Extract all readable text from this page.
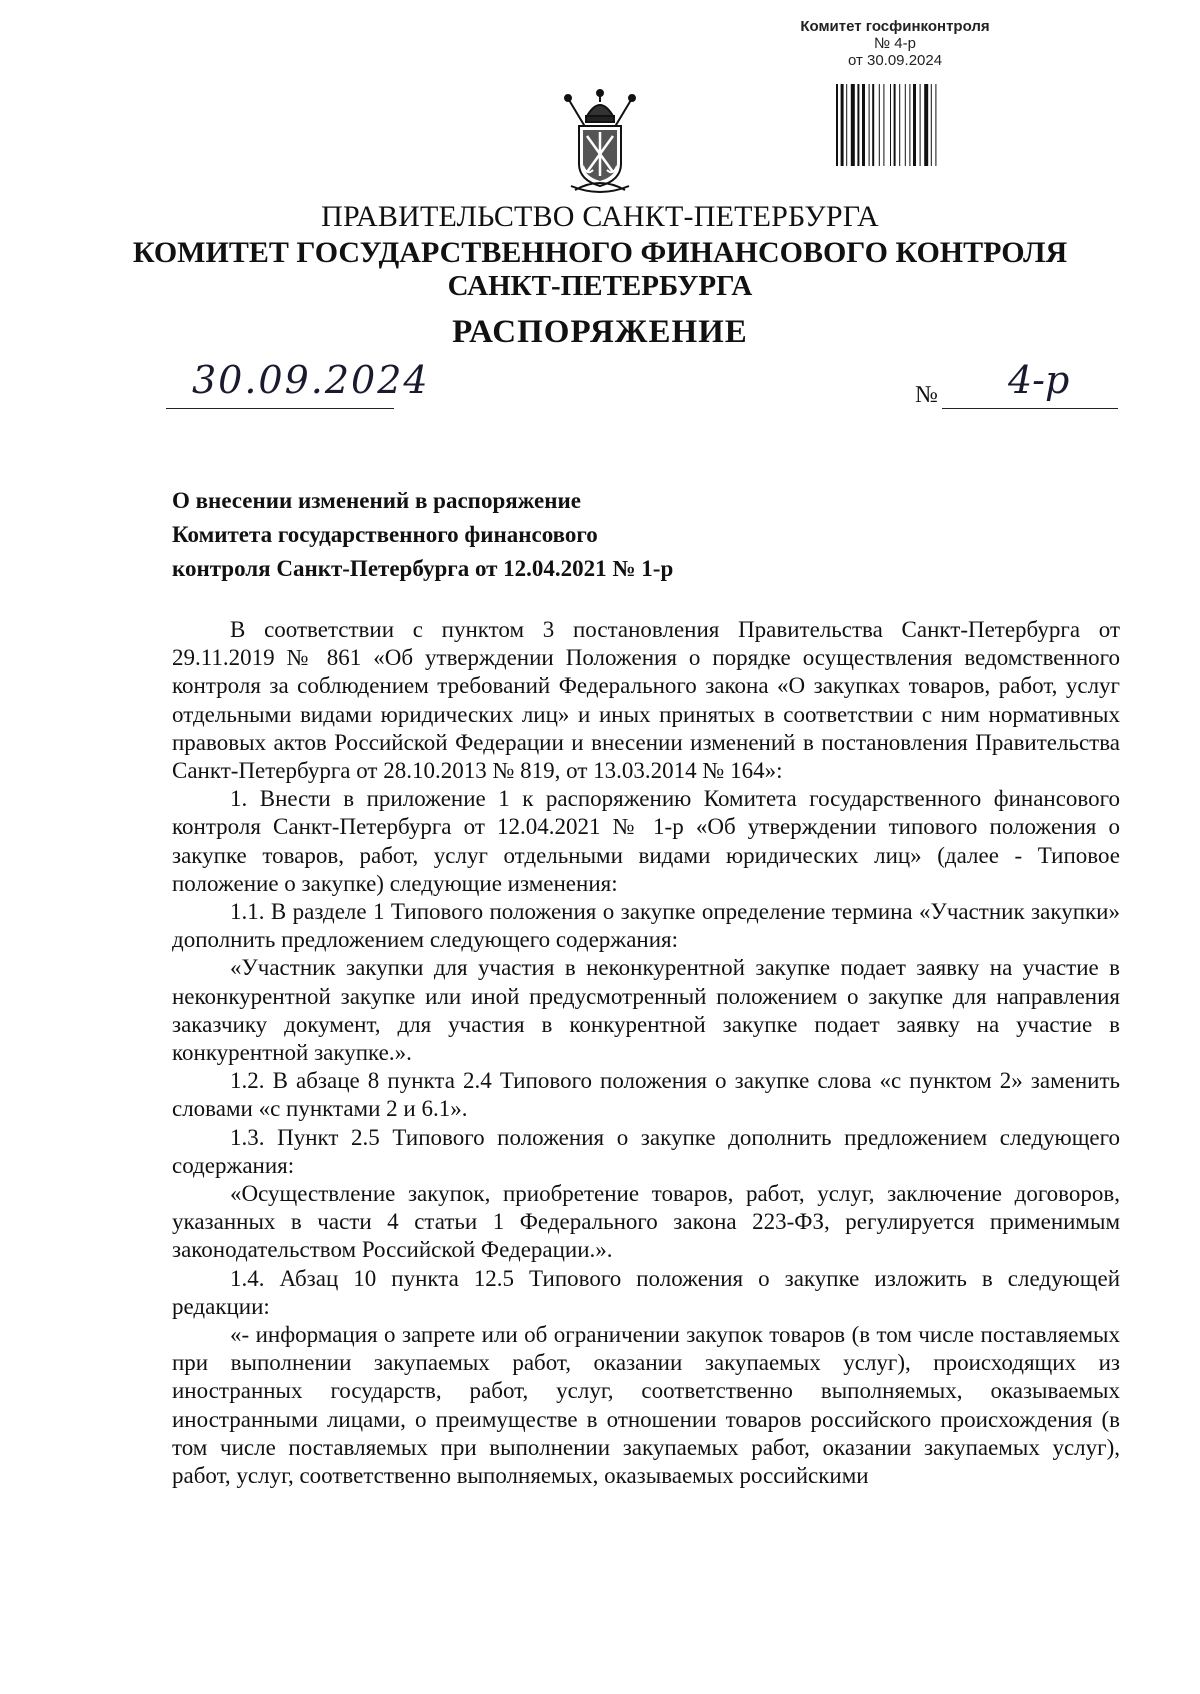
Комитет госфинконтроля
№ 4-р
от 30.09.2024
ПРАВИТЕЛЬСТВО САНКТ-ПЕТЕРБУРГА
КОМИТЕТ ГОСУДАРСТВЕННОГО ФИНАНСОВОГО КОНТРОЛЯ
САНКТ-ПЕТЕРБУРГА
РАСПОРЯЖЕНИЕ
30.09.2024	№ 4-р
О внесении изменений в распоряжение
Комитета государственного финансового
контроля Санкт-Петербурга от 12.04.2021 № 1-р

В соответствии с пунктом 3 постановления Правительства Санкт-Петербурга от 29.11.2019 № 861 «Об утверждении Положения о порядке осуществления ведомственного контроля за соблюдением требований Федерального закона «О закупках товаров, работ, услуг отдельными видами юридических лиц» и иных принятых в соответствии с ним нормативных правовых актов Российской Федерации и внесении изменений в постановления Правительства Санкт-Петербурга от 28.10.2013 № 819, от 13.03.2014 № 164»:

1. Внести в приложение 1 к распоряжению Комитета государственного финансового контроля Санкт-Петербурга от 12.04.2021 № 1-р «Об утверждении типового положения о закупке товаров, работ, услуг отдельными видами юридических лиц» (далее - Типовое положение о закупке) следующие изменения:

1.1. В разделе 1 Типового положения о закупке определение термина «Участник закупки» дополнить предложением следующего содержания:

«Участник закупки для участия в неконкурентной закупке подает заявку на участие в неконкурентной закупке или иной предусмотренный положением о закупке для направления заказчику документ, для участия в конкурентной закупке подает заявку на участие в конкурентной закупке.».

1.2. В абзаце 8 пункта 2.4 Типового положения о закупке слова «с пунктом 2» заменить словами «с пунктами 2 и 6.1».

1.3. Пункт 2.5 Типового положения о закупке дополнить предложением следующего содержания:

«Осуществление закупок, приобретение товаров, работ, услуг, заключение договоров, указанных в части 4 статьи 1 Федерального закона 223-ФЗ, регулируется применимым законодательством Российской Федерации.».

1.4. Абзац 10 пункта 12.5 Типового положения о закупке изложить в следующей редакции:

«- информация о запрете или об ограничении закупок товаров (в том числе поставляемых при выполнении закупаемых работ, оказании закупаемых услуг), происходящих из иностранных государств, работ, услуг, соответственно выполняемых, оказываемых иностранными лицами, о преимуществе в отношении товаров российского происхождения (в том числе поставляемых при выполнении закупаемых работ, оказании закупаемых услуг), работ, услуг, соответственно выполняемых, оказываемых российскими
